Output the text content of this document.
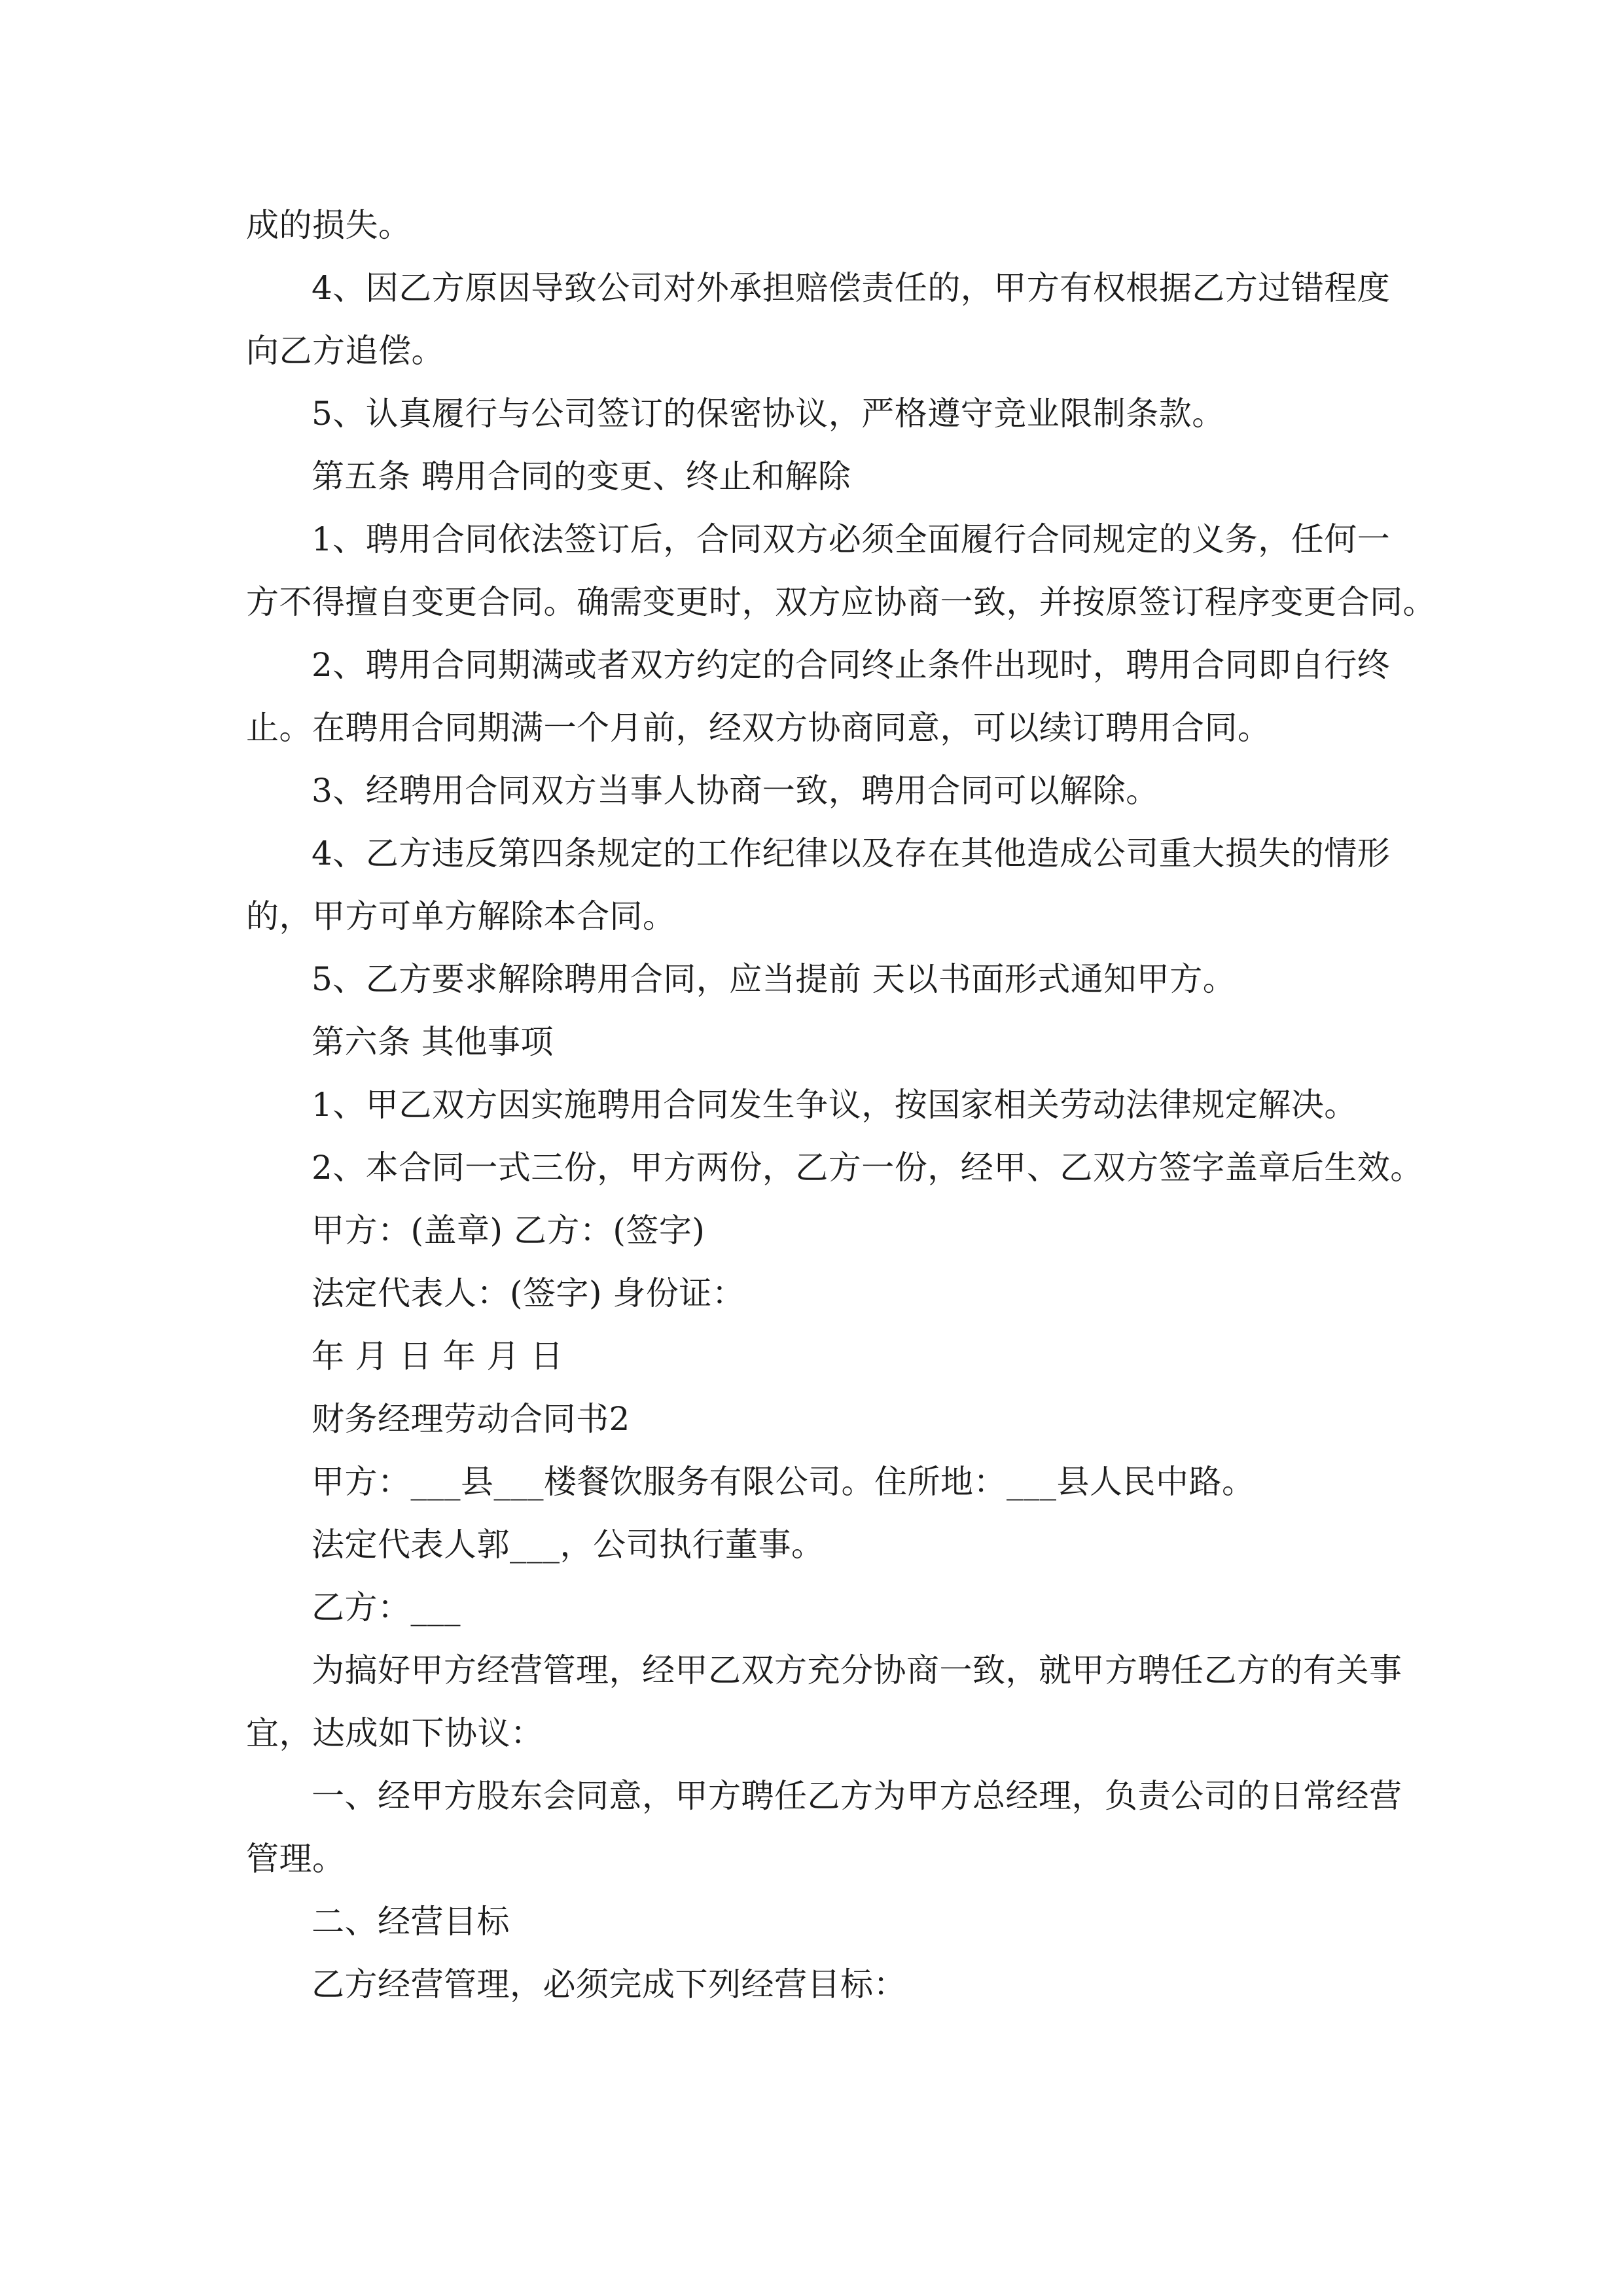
成的损失。
4、因乙方原因导致公司对外承担赔偿责任的，甲方有权根据乙方过错程度
向乙方追偿。
5、认真履行与公司签订的保密协议，严格遵守竞业限制条款。
第五条 聘用合同的变更、终止和解除
1、聘用合同依法签订后，合同双方必须全面履行合同规定的义务，任何一
方不得擅自变更合同。确需变更时，双方应协商一致，并按原签订程序变更合同。
2、聘用合同期满或者双方约定的合同终止条件出现时，聘用合同即自行终
止。在聘用合同期满一个月前，经双方协商同意，可以续订聘用合同。
3、经聘用合同双方当事人协商一致，聘用合同可以解除。
4、乙方违反第四条规定的工作纪律以及存在其他造成公司重大损失的情形
的，甲方可单方解除本合同。
5、乙方要求解除聘用合同，应当提前 天以书面形式通知甲方。
第六条 其他事项
1、甲乙双方因实施聘用合同发生争议，按国家相关劳动法律规定解决。
2、本合同一式三份，甲方两份，乙方一份，经甲、乙双方签字盖章后生效。
甲方：(盖章) 乙方：(签字)
法定代表人：(签字) 身份证：
年 月 日 年 月 日
财务经理劳动合同书2
甲方：___县___楼餐饮服务有限公司。住所地：___县人民中路。
法定代表人郭___，公司执行董事。
乙方：___
为搞好甲方经营管理，经甲乙双方充分协商一致，就甲方聘任乙方的有关事
宜，达成如下协议：
一、经甲方股东会同意，甲方聘任乙方为甲方总经理，负责公司的日常经营
管理。
二、经营目标
乙方经营管理，必须完成下列经营目标：
